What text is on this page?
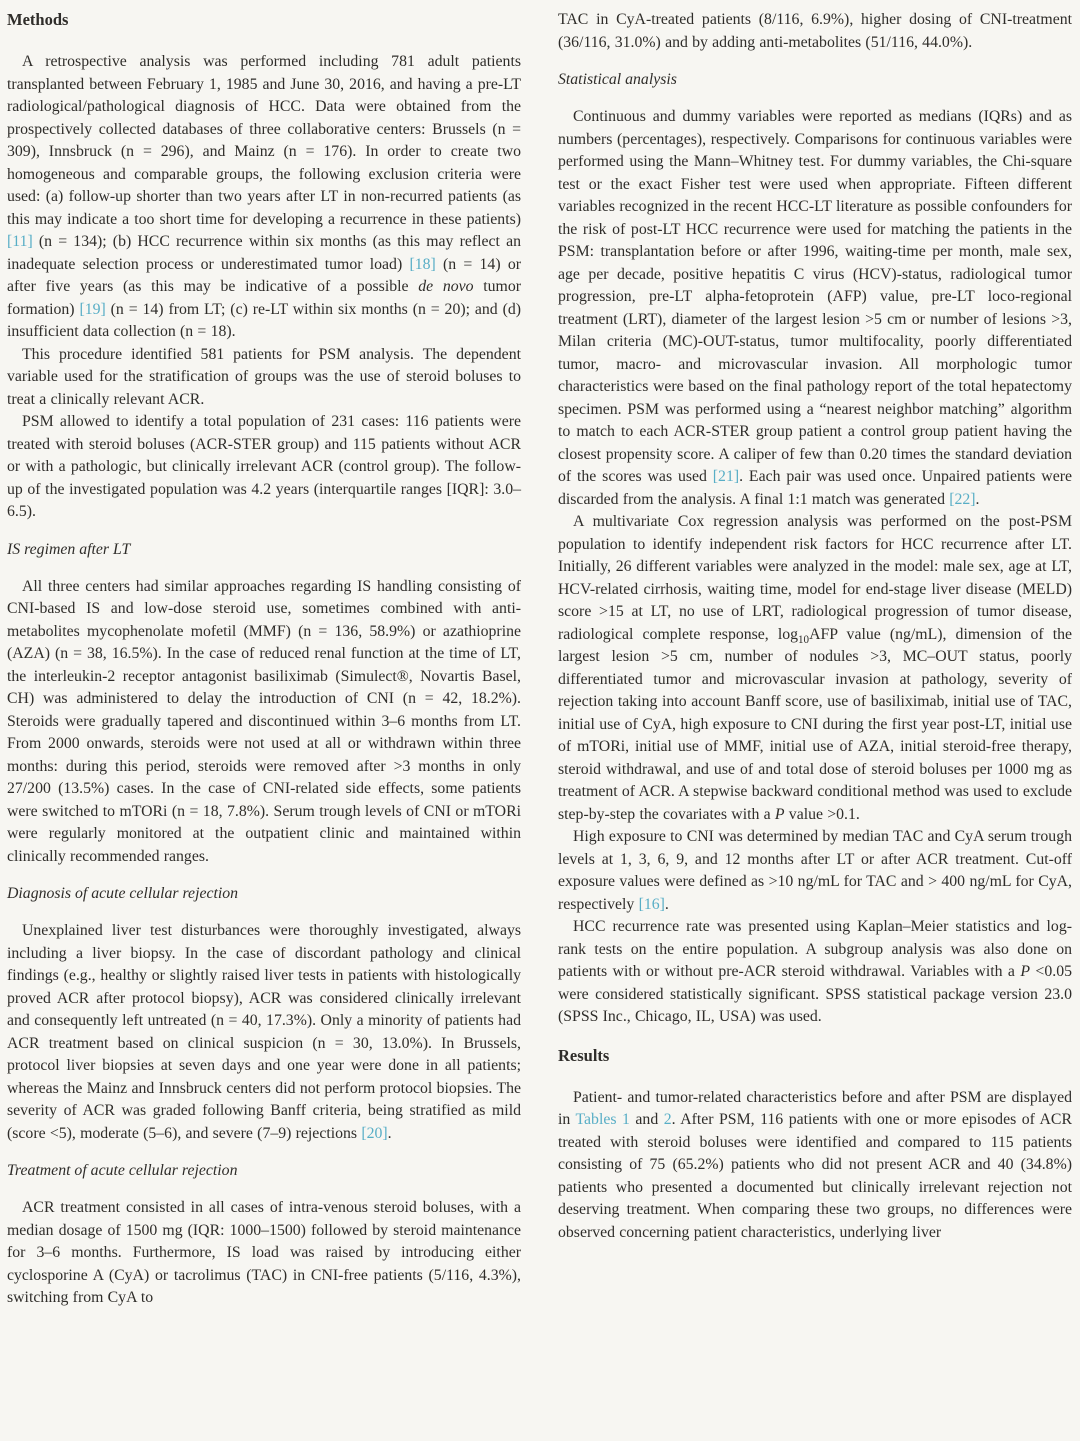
Methods

A retrospective analysis was performed including 781 adult patients transplanted between February 1, 1985 and June 30, 2016, and having a pre-LT radiological/pathological diagnosis of HCC. Data were obtained from the prospectively collected databases of three collaborative centers: Brussels (n = 309), Innsbruck (n = 296), and Mainz (n = 176). In order to create two homogeneous and comparable groups, the following exclusion criteria were used: (a) follow-up shorter than two years after LT in non-recurred patients (as this may indicate a too short time for developing a recurrence in these patients) [11] (n = 134); (b) HCC recurrence within six months (as this may reflect an inadequate selection process or underestimated tumor load) [18] (n = 14) or after five years (as this may be indicative of a possible de novo tumor formation) [19] (n = 14) from LT; (c) re-LT within six months (n = 20); and (d) insufficient data collection (n = 18).

This procedure identified 581 patients for PSM analysis. The dependent variable used for the stratification of groups was the use of steroid boluses to treat a clinically relevant ACR.

PSM allowed to identify a total population of 231 cases: 116 patients were treated with steroid boluses (ACR-STER group) and 115 patients without ACR or with a pathologic, but clinically irrelevant ACR (control group). The follow-up of the investigated population was 4.2 years (interquartile ranges [IQR]: 3.0–6.5).

IS regimen after LT

All three centers had similar approaches regarding IS handling consisting of CNI-based IS and low-dose steroid use, sometimes combined with anti-metabolites mycophenolate mofetil (MMF) (n = 136, 58.9%) or azathioprine (AZA) (n = 38, 16.5%). In the case of reduced renal function at the time of LT, the interleukin-2 receptor antagonist basiliximab (Simulect®, Novartis Basel, CH) was administered to delay the introduction of CNI (n = 42, 18.2%). Steroids were gradually tapered and discontinued within 3–6 months from LT. From 2000 onwards, steroids were not used at all or withdrawn within three months: during this period, steroids were removed after >3 months in only 27/200 (13.5%) cases. In the case of CNI-related side effects, some patients were switched to mTORi (n = 18, 7.8%). Serum trough levels of CNI or mTORi were regularly monitored at the outpatient clinic and maintained within clinically recommended ranges.

Diagnosis of acute cellular rejection

Unexplained liver test disturbances were thoroughly investigated, always including a liver biopsy. In the case of discordant pathology and clinical findings (e.g., healthy or slightly raised liver tests in patients with histologically proved ACR after protocol biopsy), ACR was considered clinically irrelevant and consequently left untreated (n = 40, 17.3%). Only a minority of patients had ACR treatment based on clinical suspicion (n = 30, 13.0%). In Brussels, protocol liver biopsies at seven days and one year were done in all patients; whereas the Mainz and Innsbruck centers did not perform protocol biopsies. The severity of ACR was graded following Banff criteria, being stratified as mild (score <5), moderate (5–6), and severe (7–9) rejections [20].

Treatment of acute cellular rejection

ACR treatment consisted in all cases of intra-venous steroid boluses, with a median dosage of 1500 mg (IQR: 1000–1500) followed by steroid maintenance for 3–6 months. Furthermore, IS load was raised by introducing either cyclosporine A (CyA) or tacrolimus (TAC) in CNI-free patients (5/116, 4.3%), switching from CyA to

TAC in CyA-treated patients (8/116, 6.9%), higher dosing of CNI-treatment (36/116, 31.0%) and by adding anti-metabolites (51/116, 44.0%).

Statistical analysis

Continuous and dummy variables were reported as medians (IQRs) and as numbers (percentages), respectively. Comparisons for continuous variables were performed using the Mann–Whitney test. For dummy variables, the Chi-square test or the exact Fisher test were used when appropriate. Fifteen different variables recognized in the recent HCC-LT literature as possible confounders for the risk of post-LT HCC recurrence were used for matching the patients in the PSM: transplantation before or after 1996, waiting-time per month, male sex, age per decade, positive hepatitis C virus (HCV)-status, radiological tumor progression, pre-LT alpha-fetoprotein (AFP) value, pre-LT loco-regional treatment (LRT), diameter of the largest lesion >5 cm or number of lesions >3, Milan criteria (MC)-OUT-status, tumor multifocality, poorly differentiated tumor, macro- and microvascular invasion. All morphologic tumor characteristics were based on the final pathology report of the total hepatectomy specimen. PSM was performed using a “nearest neighbor matching” algorithm to match to each ACR-STER group patient a control group patient having the closest propensity score. A caliper of few than 0.20 times the standard deviation of the scores was used [21]. Each pair was used once. Unpaired patients were discarded from the analysis. A final 1:1 match was generated [22].

A multivariate Cox regression analysis was performed on the post-PSM population to identify independent risk factors for HCC recurrence after LT. Initially, 26 different variables were analyzed in the model: male sex, age at LT, HCV-related cirrhosis, waiting time, model for end-stage liver disease (MELD) score >15 at LT, no use of LRT, radiological progression of tumor disease, radiological complete response, $\log_{10}AFP$ value (ng/mL), dimension of the largest lesion >5 cm, number of nodules >3, MC–OUT status, poorly differentiated tumor and microvascular invasion at pathology, severity of rejection taking into account Banff score, use of basiliximab, initial use of TAC, initial use of CyA, high exposure to CNI during the first year post-LT, initial use of mTORi, initial use of MMF, initial use of AZA, initial steroid-free therapy, steroid withdrawal, and use of and total dose of steroid boluses per 1000 mg as treatment of ACR. A stepwise backward conditional method was used to exclude step-by-step the covariates with a P value >0.1.

High exposure to CNI was determined by median TAC and CyA serum trough levels at 1, 3, 6, 9, and 12 months after LT or after ACR treatment. Cut-off exposure values were defined as >10 ng/mL for TAC and > 400 ng/mL for CyA, respectively [16].

HCC recurrence rate was presented using Kaplan–Meier statistics and log-rank tests on the entire population. A subgroup analysis was also done on patients with or without pre-ACR steroid withdrawal. Variables with a P <0.05 were considered statistically significant. SPSS statistical package version 23.0 (SPSS Inc., Chicago, IL, USA) was used.

Results

Patient- and tumor-related characteristics before and after PSM are displayed in Tables 1 and 2. After PSM, 116 patients with one or more episodes of ACR treated with steroid boluses were identified and compared to 115 patients consisting of 75 (65.2%) patients who did not present ACR and 40 (34.8%) patients who presented a documented but clinically irrelevant rejection not deserving treatment. When comparing these two groups, no differences were observed concerning patient characteristics, underlying liver
